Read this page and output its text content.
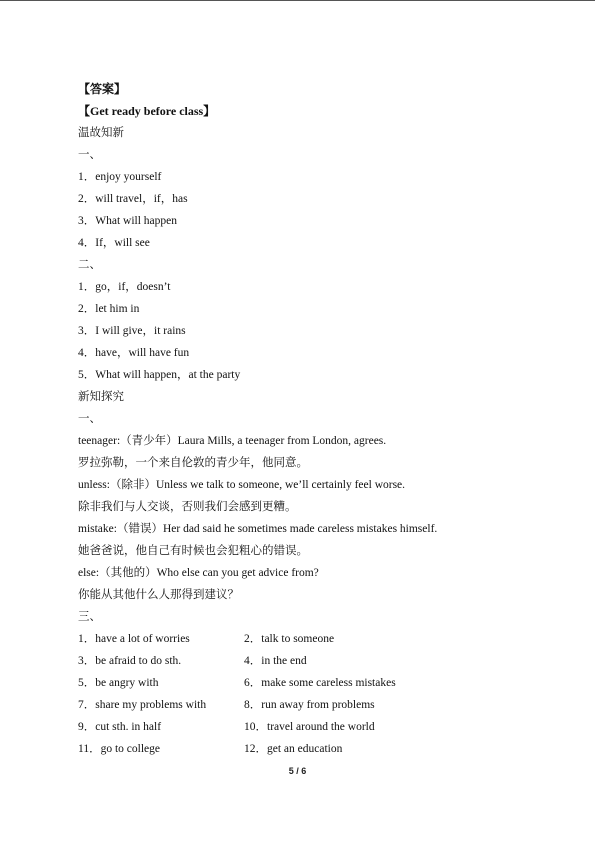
【答案】
【Get ready before class】
温故知新
一、
1．enjoy yourself
2．will travel，if，has
3．What will happen
4．If，will see
二、
1．go，if，doesn’t
2．let him in
3．I will give，it rains
4．have，will have fun
5．What will happen，at the party
新知探究
一、
teenager:（青少年）Laura Mills, a teenager from London, agrees.
罗拉弥勒，一个来自伦敦的青少年，他同意。
unless:（除非）Unless we talk to someone, we’ll certainly feel worse.
除非我们与人交谈，否则我们会感到更糟。
mistake:（错误）Her dad said he sometimes made careless mistakes himself.
她爸爸说，他自己有时候也会犯粗心的错误。
else:（其他的）Who else can you get advice from?
你能从其他什么人那得到建议？
三、
1．have a lot of worries	2．talk to someone
3．be afraid to do sth.	4．in the end
5．be angry with	6．make some careless mistakes
7．share my problems with	8．run away from problems
9．cut sth. in half	10．travel around the world
11．go to college	12．get an education
5 / 6
